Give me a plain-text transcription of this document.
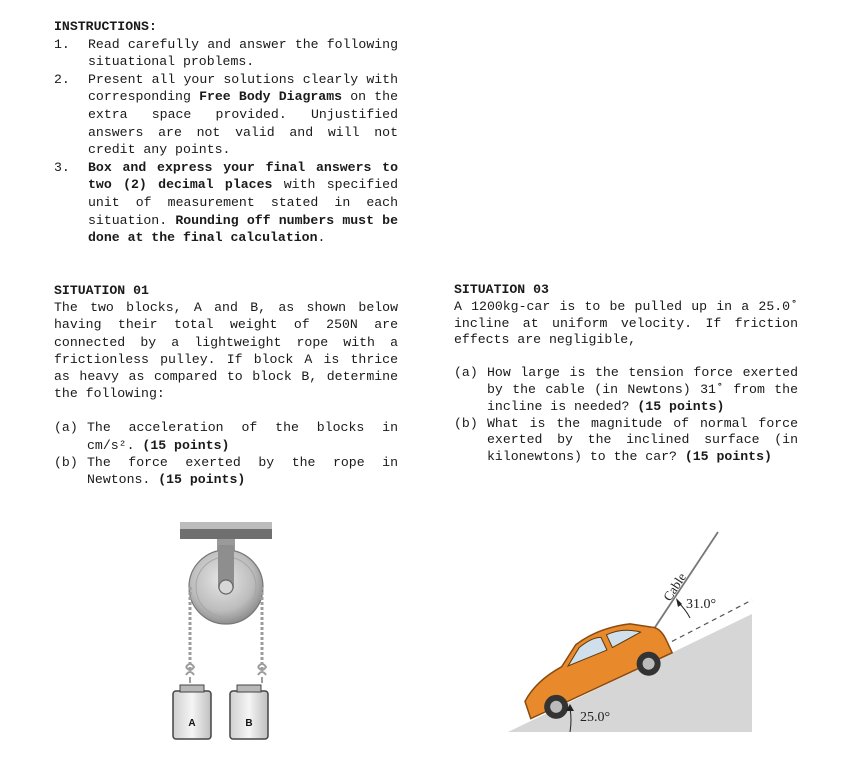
INSTRUCTIONS:
1. Read carefully and answer the following situational problems.
2. Present all your solutions clearly with corresponding Free Body Diagrams on the extra space provided. Unjustified answers are not valid and will not credit any points.
3. Box and express your final answers to two (2) decimal places with specified unit of measurement stated in each situation. Rounding off numbers must be done at the final calculation.
SITUATION 01
The two blocks, A and B, as shown below having their total weight of 250N are connected by a lightweight rope with a frictionless pulley. If block A is thrice as heavy as compared to block B, determine the following:
(a) The acceleration of the blocks in cm/s². (15 points)
(b) The force exerted by the rope in Newtons. (15 points)
SITUATION 03
A 1200kg-car is to be pulled up in a 25.0˚ incline at uniform velocity. If friction effects are negligible,
(a) How large is the tension force exerted by the cable (in Newtons) 31˚ from the incline is needed? (15 points)
(b) What is the magnitude of normal force exerted by the inclined surface (in kilonewtons) to the car? (15 points)
A	B
Cable
31.0°
25.0°
